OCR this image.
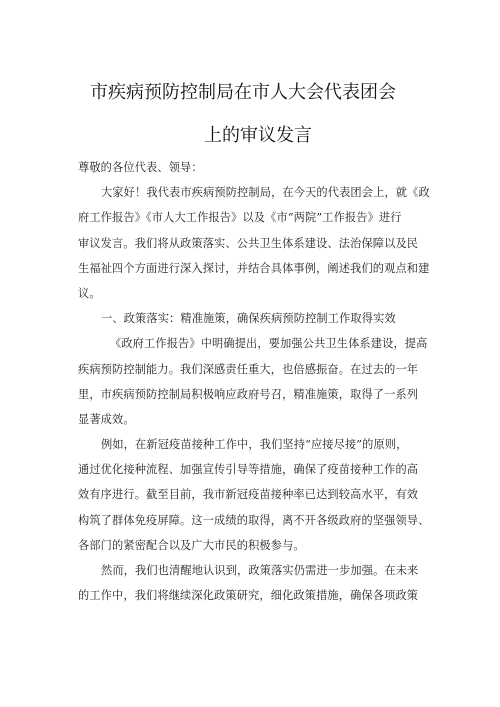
市疾病预防控制局在市人大会代表团会
上的审议发言
尊敬的各位代表、领导：
大家好！我代表市疾病预防控制局，在今天的代表团会上，就《政
府工作报告》《市人大工作报告》以及《市“两院”工作报告》进行
审议发言。我们将从政策落实、公共卫生体系建设、法治保障以及民
生福祉四个方面进行深入探讨，并结合具体事例，阐述我们的观点和建
议。
一、政策落实：精准施策，确保疾病预防控制工作取得实效
《政府工作报告》中明确提出，要加强公共卫生体系建设，提高
疾病预防控制能力。我们深感责任重大，也倍感振奋。在过去的一年
里，市疾病预防控制局积极响应政府号召，精准施策，取得了一系列
显著成效。
例如，在新冠疫苗接种工作中，我们坚持“应接尽接”的原则，
通过优化接种流程、加强宣传引导等措施，确保了疫苗接种工作的高
效有序进行。截至目前，我市新冠疫苗接种率已达到较高水平，有效
构筑了群体免疫屏障。这一成绩的取得，离不开各级政府的坚强领导、
各部门的紧密配合以及广大市民的积极参与。
然而，我们也清醒地认识到，政策落实仍需进一步加强。在未来
的工作中，我们将继续深化政策研究，细化政策措施，确保各项政策
